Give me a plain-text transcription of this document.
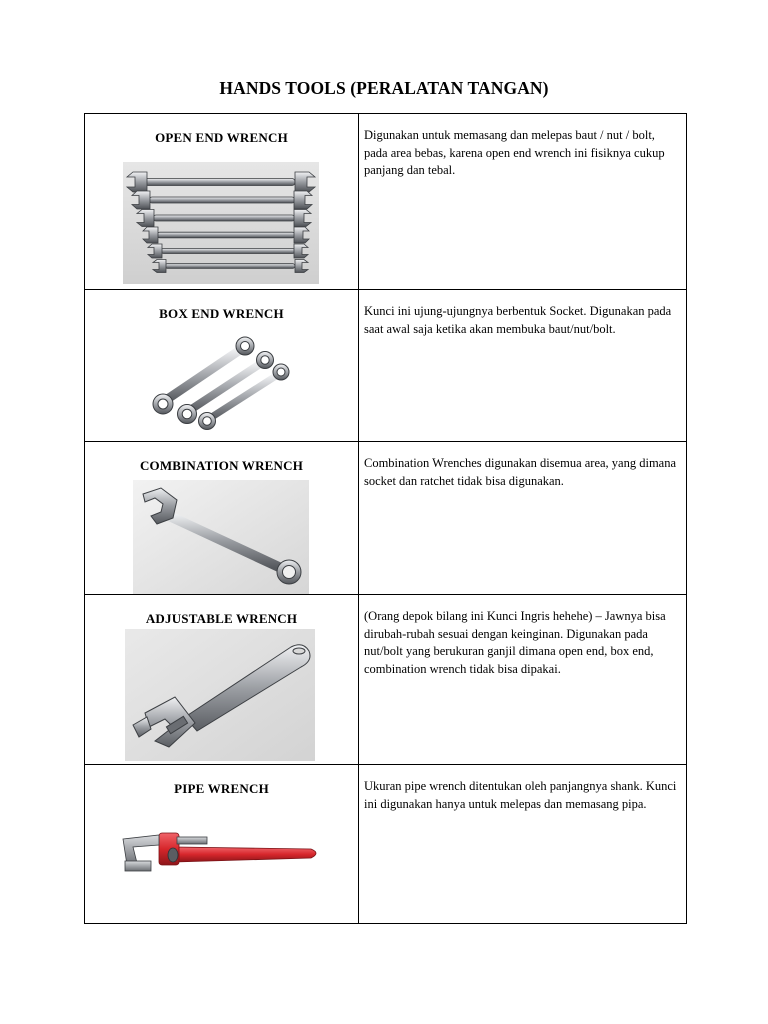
HANDS TOOLS (PERALATAN TANGAN)
OPEN END WRENCH	Digunakan untuk memasang dan melepas baut / nut / bolt, pada area bebas, karena open end wrench ini fisiknya cukup panjang dan tebal.

BOX END WRENCH	Kunci ini ujung-ujungnya berbentuk Socket. Digunakan pada saat awal saja ketika akan membuka baut/nut/bolt.

COMBINATION WRENCH	Combination Wrenches digunakan disemua area, yang dimana socket dan ratchet tidak bisa digunakan.

ADJUSTABLE WRENCH	(Orang depok bilang ini Kunci Ingris hehehe) – Jawnya bisa dirubah-rubah sesuai dengan keinginan. Digunakan pada nut/bolt yang berukuran ganjil dimana open end, box end, combination wrench tidak bisa dipakai.

PIPE WRENCH	Ukuran pipe wrench ditentukan oleh panjangnya shank. Kunci ini digunakan hanya untuk melepas dan memasang pipa.
